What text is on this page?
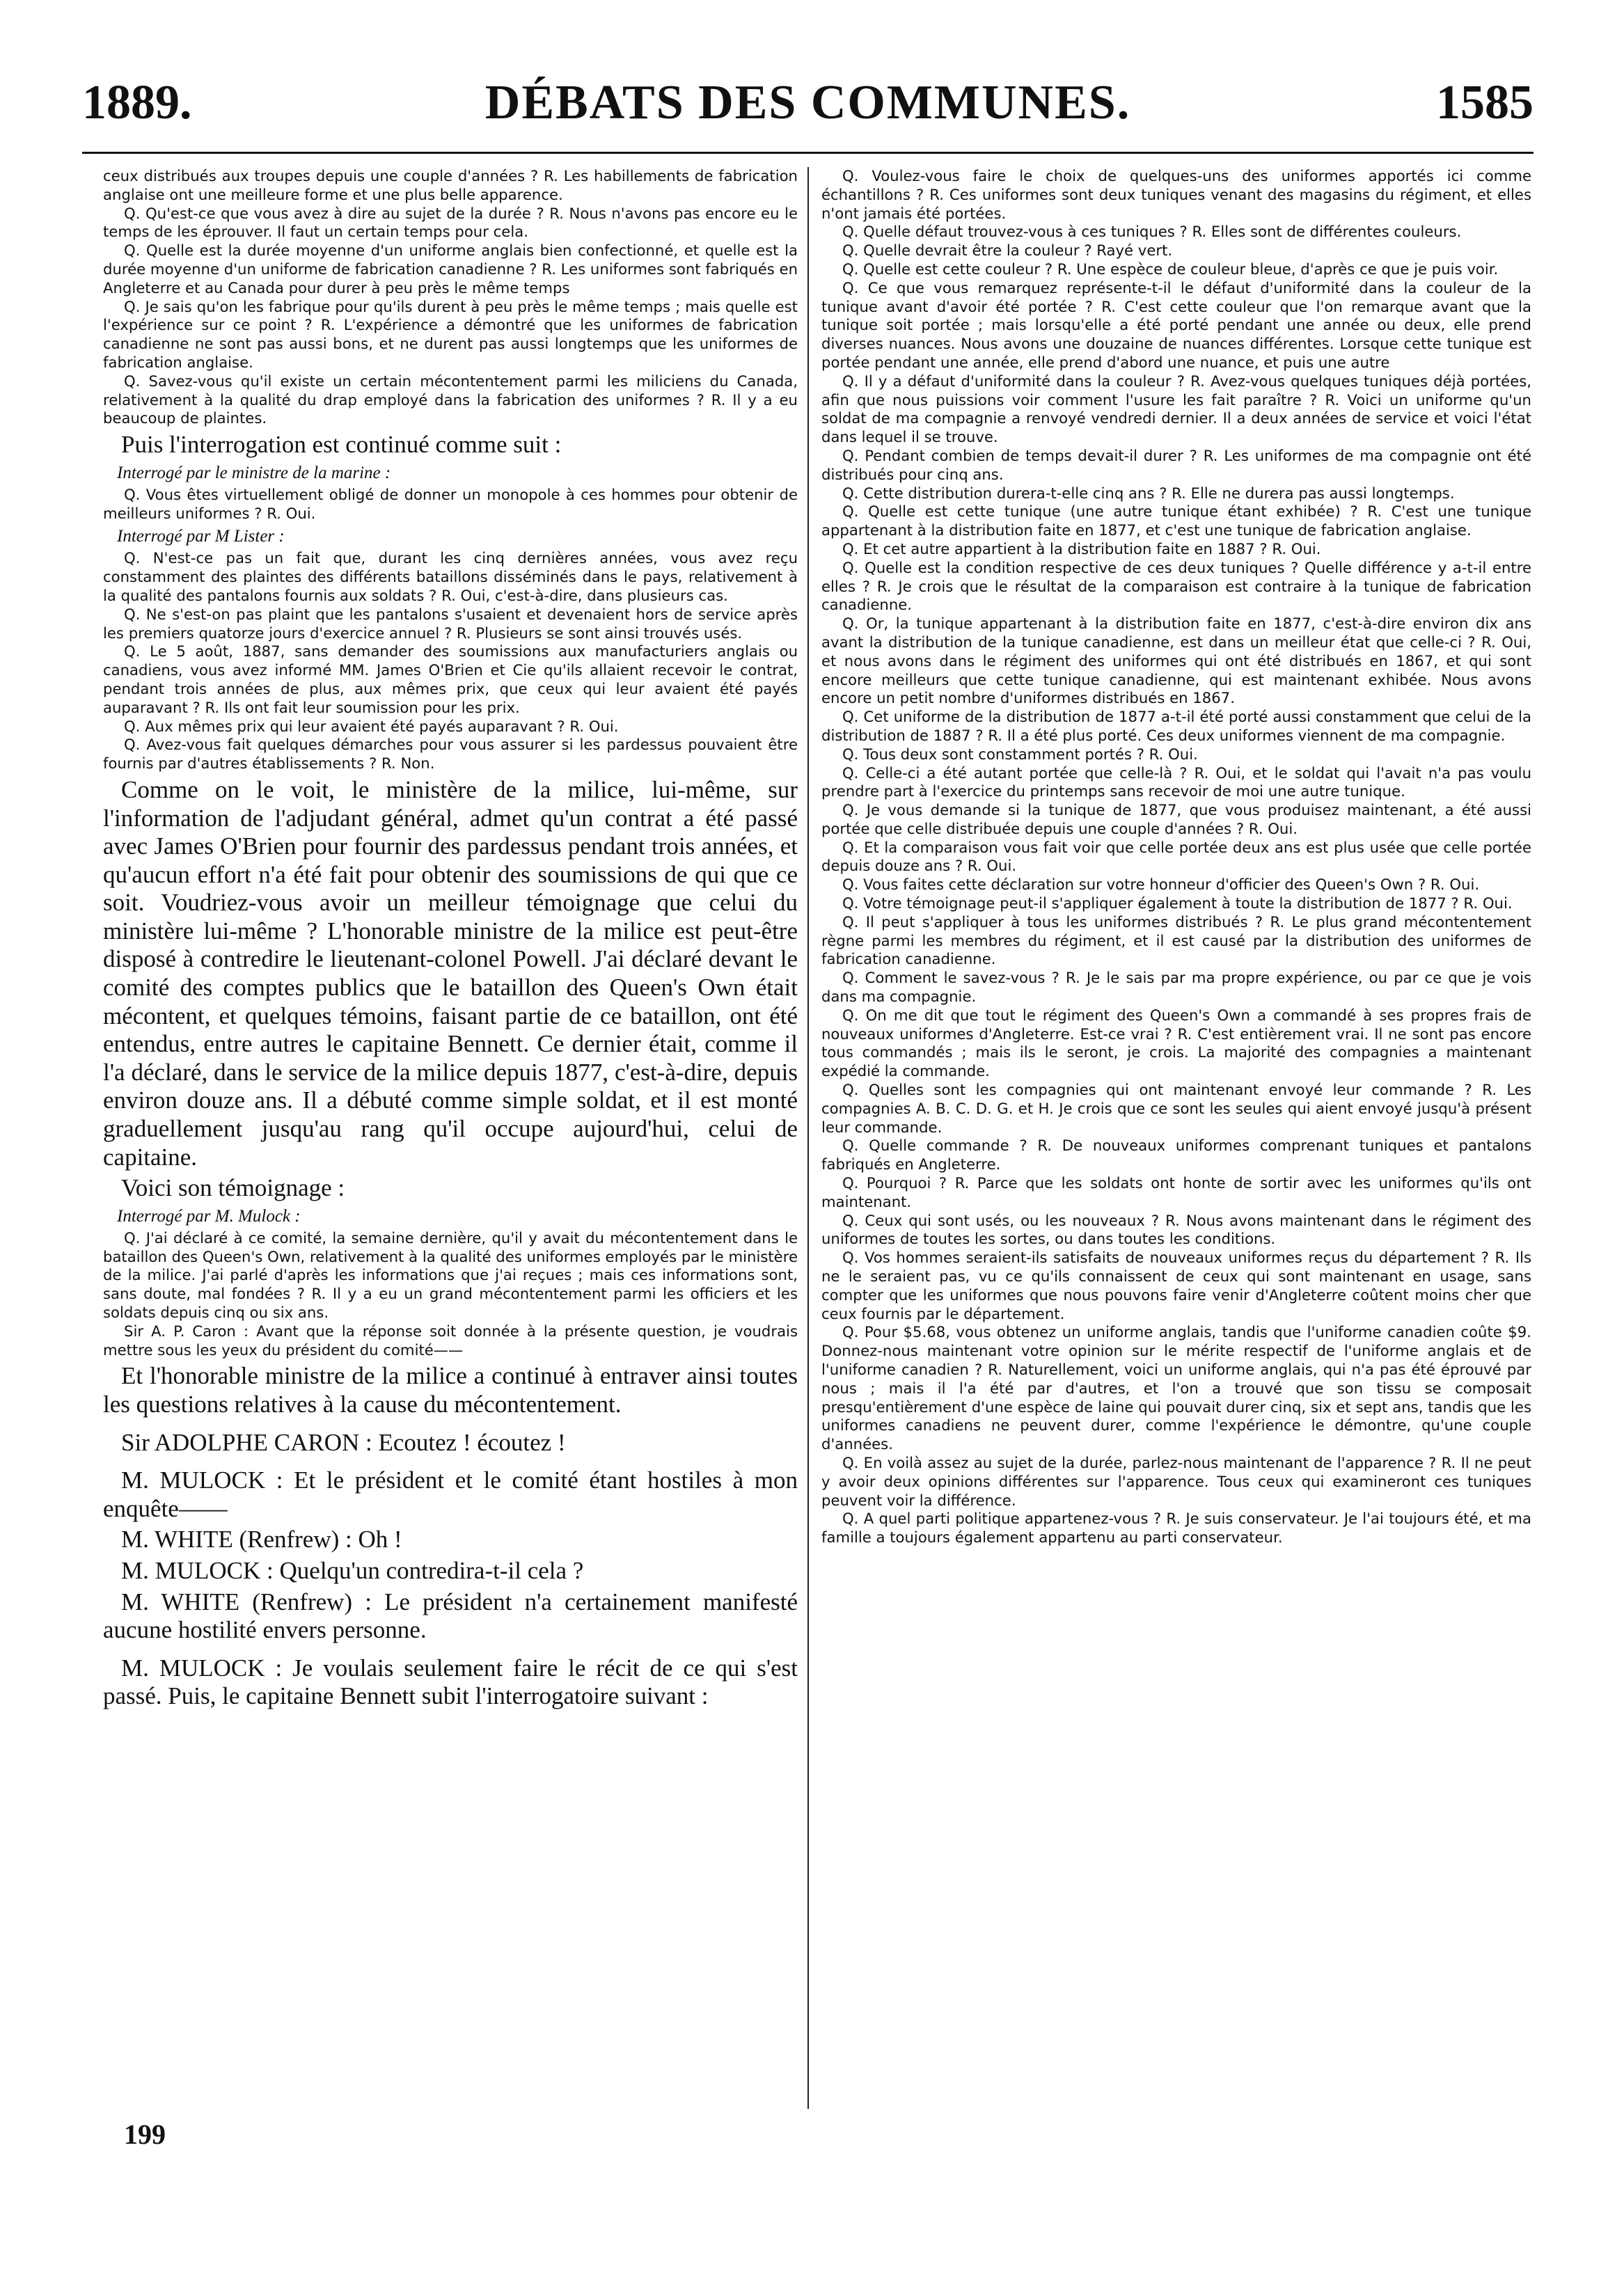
1889.	DÉBATS DES COMMUNES.	1585

ceux distribués aux troupes depuis une couple d'années ? R. Les habillements de fabrication anglaise ont une meilleure forme et une plus belle apparence.

Q. Qu'est-ce que vous avez à dire au sujet de la durée ? R. Nous n'avons pas encore eu le temps de les éprouver. Il faut un certain temps pour cela.

Q. Quelle est la durée moyenne d'un uniforme anglais bien confectionné, et quelle est la durée moyenne d'un uniforme de fabrication canadienne ? R. Les uniformes sont fabriqués en Angleterre et au Canada pour durer à peu près le même temps

Q. Je sais qu'on les fabrique pour qu'ils durent à peu près le même temps ; mais quelle est l'expérience sur ce point ? R. L'expérience a démontré que les uniformes de fabrication canadienne ne sont pas aussi bons, et ne durent pas aussi longtemps que les uniformes de fabrication anglaise.

Q. Savez-vous qu'il existe un certain mécontentement parmi les miliciens du Canada, relativement à la qualité du drap employé dans la fabrication des uniformes ? R. Il y a eu beaucoup de plaintes.

Puis l'interrogation est continué comme suit :

Interrogé par le ministre de la marine :

Q. Vous êtes virtuellement obligé de donner un monopole à ces hommes pour obtenir de meilleurs uniformes ? R. Oui.

Interrogé par M Lister :

Q. N'est-ce pas un fait que, durant les cinq dernières années, vous avez reçu constamment des plaintes des différents bataillons disséminés dans le pays, relativement à la qualité des pantalons fournis aux soldats ? R. Oui, c'est-à-dire, dans plusieurs cas.

Q. Ne s'est-on pas plaint que les pantalons s'usaient et devenaient hors de service après les premiers quatorze jours d'exercice annuel ? R. Plusieurs se sont ainsi trouvés usés.

Q. Le 5 août, 1887, sans demander des soumissions aux manufacturiers anglais ou canadiens, vous avez informé MM. James O'Brien et Cie qu'ils allaient recevoir le contrat, pendant trois années de plus, aux mêmes prix, que ceux qui leur avaient été payés auparavant ? R. Ils ont fait leur soumission pour les prix.

Q. Aux mêmes prix qui leur avaient été payés auparavant ? R. Oui.

Q. Avez-vous fait quelques démarches pour vous assurer si les pardessus pouvaient être fournis par d'autres établissements ? R. Non.

Comme on le voit, le ministère de la milice, lui-même, sur l'information de l'adjudant général, admet qu'un contrat a été passé avec James O'Brien pour fournir des pardessus pendant trois années, et qu'aucun effort n'a été fait pour obtenir des soumissions de qui que ce soit. Voudriez-vous avoir un meilleur témoignage que celui du ministère lui-même ? L'honorable ministre de la milice est peut-être disposé à contredire le lieutenant-colonel Powell. J'ai déclaré devant le comité des comptes publics que le bataillon des Queen's Own était mécontent, et quelques témoins, faisant partie de ce bataillon, ont été entendus, entre autres le capitaine Bennett. Ce dernier était, comme il l'a déclaré, dans le service de la milice depuis 1877, c'est-à-dire, depuis environ douze ans. Il a débuté comme simple soldat, et il est monté graduellement jusqu'au rang qu'il occupe aujourd'hui, celui de capitaine.

Voici son témoignage :

Interrogé par M. Mulock :

Q. J'ai déclaré à ce comité, la semaine dernière, qu'il y avait du mécontentement dans le bataillon des Queen's Own, relativement à la qualité des uniformes employés par le ministère de la milice. J'ai parlé d'après les informations que j'ai reçues ; mais ces informations sont, sans doute, mal fondées ? R. Il y a eu un grand mécontentement parmi les officiers et les soldats depuis cinq ou six ans.

Sir A. P. Caron : Avant que la réponse soit donnée à la présente question, je voudrais mettre sous les yeux du président du comité——

Et l'honorable ministre de la milice a continué à entraver ainsi toutes les questions relatives à la cause du mécontentement.

Sir ADOLPHE CARON : Ecoutez ! écoutez !

M. MULOCK : Et le président et le comité étant hostiles à mon enquête——

M. WHITE (Renfrew) : Oh !

M. MULOCK : Quelqu'un contredira-t-il cela ?

M. WHITE (Renfrew) : Le président n'a certainement manifesté aucune hostilité envers personne.

M. MULOCK : Je voulais seulement faire le récit de ce qui s'est passé. Puis, le capitaine Bennett subit l'interrogatoire suivant :

Q. Voulez-vous faire le choix de quelques-uns des uniformes apportés ici comme échantillons ? R. Ces uniformes sont deux tuniques venant des magasins du régiment, et elles n'ont jamais été portées.

Q. Quelle défaut trouvez-vous à ces tuniques ? R. Elles sont de différentes couleurs.

Q. Quelle devrait être la couleur ? Rayé vert.

Q. Quelle est cette couleur ? R. Une espèce de couleur bleue, d'après ce que je puis voir.

Q. Ce que vous remarquez représente-t-il le défaut d'uniformité dans la couleur de la tunique avant d'avoir été portée ? R. C'est cette couleur que l'on remarque avant que la tunique soit portée ; mais lorsqu'elle a été porté pendant une année ou deux, elle prend diverses nuances. Nous avons une douzaine de nuances différentes. Lorsque cette tunique est portée pendant une année, elle prend d'abord une nuance, et puis une autre

Q. Il y a défaut d'uniformité dans la couleur ? R. Avez-vous quelques tuniques déjà portées, afin que nous puissions voir comment l'usure les fait paraître ? R. Voici un uniforme qu'un soldat de ma compagnie a renvoyé vendredi dernier. Il a deux années de service et voici l'état dans lequel il se trouve.

Q. Pendant combien de temps devait-il durer ? R. Les uniformes de ma compagnie ont été distribués pour cinq ans.

Q. Cette distribution durera-t-elle cinq ans ? R. Elle ne durera pas aussi longtemps.

Q. Quelle est cette tunique (une autre tunique étant exhibée) ? R. C'est une tunique appartenant à la distribution faite en 1877, et c'est une tunique de fabrication anglaise.

Q. Et cet autre appartient à la distribution faite en 1887 ? R. Oui.

Q. Quelle est la condition respective de ces deux tuniques ? Quelle différence y a-t-il entre elles ? R. Je crois que le résultat de la comparaison est contraire à la tunique de fabrication canadienne.

Q. Or, la tunique appartenant à la distribution faite en 1877, c'est-à-dire environ dix ans avant la distribution de la tunique canadienne, est dans un meilleur état que celle-ci ? R. Oui, et nous avons dans le régiment des uniformes qui ont été distribués en 1867, et qui sont encore meilleurs que cette tunique canadienne, qui est maintenant exhibée. Nous avons encore un petit nombre d'uniformes distribués en 1867.

Q. Cet uniforme de la distribution de 1877 a-t-il été porté aussi constamment que celui de la distribution de 1887 ? R. Il a été plus porté. Ces deux uniformes viennent de ma compagnie.

Q. Tous deux sont constamment portés ? R. Oui.

Q. Celle-ci a été autant portée que celle-là ? R. Oui, et le soldat qui l'avait n'a pas voulu prendre part à l'exercice du printemps sans recevoir de moi une autre tunique.

Q. Je vous demande si la tunique de 1877, que vous produisez maintenant, a été aussi portée que celle distribuée depuis une couple d'années ? R. Oui.

Q. Et la comparaison vous fait voir que celle portée deux ans est plus usée que celle portée depuis douze ans ? R. Oui.

Q. Vous faites cette déclaration sur votre honneur d'officier des Queen's Own ? R. Oui.

Q. Votre témoignage peut-il s'appliquer également à toute la distribution de 1877 ? R. Oui.

Q. Il peut s'appliquer à tous les uniformes distribués ? R. Le plus grand mécontentement règne parmi les membres du régiment, et il est causé par la distribution des uniformes de fabrication canadienne.

Q. Comment le savez-vous ? R. Je le sais par ma propre expérience, ou par ce que je vois dans ma compagnie.

Q. On me dit que tout le régiment des Queen's Own a commandé à ses propres frais de nouveaux uniformes d'Angleterre. Est-ce vrai ? R. C'est entièrement vrai. Il ne sont pas encore tous commandés ; mais ils le seront, je crois. La majorité des compagnies a maintenant expédié la commande.

Q. Quelles sont les compagnies qui ont maintenant envoyé leur commande ? R. Les compagnies A. B. C. D. G. et H. Je crois que ce sont les seules qui aient envoyé jusqu'à présent leur commande.

Q. Quelle commande ? R. De nouveaux uniformes comprenant tuniques et pantalons fabriqués en Angleterre.

Q. Pourquoi ? R. Parce que les soldats ont honte de sortir avec les uniformes qu'ils ont maintenant.

Q. Ceux qui sont usés, ou les nouveaux ? R. Nous avons maintenant dans le régiment des uniformes de toutes les sortes, ou dans toutes les conditions.

Q. Vos hommes seraient-ils satisfaits de nouveaux uniformes reçus du département ? R. Ils ne le seraient pas, vu ce qu'ils connaissent de ceux qui sont maintenant en usage, sans compter que les uniformes que nous pouvons faire venir d'Angleterre coûtent moins cher que ceux fournis par le département.

Q. Pour $5.68, vous obtenez un uniforme anglais, tandis que l'uniforme canadien coûte $9. Donnez-nous maintenant votre opinion sur le mérite respectif de l'uniforme anglais et de l'uniforme canadien ? R. Naturellement, voici un uniforme anglais, qui n'a pas été éprouvé par nous ; mais il l'a été par d'autres, et l'on a trouvé que son tissu se composait presqu'entièrement d'une espèce de laine qui pouvait durer cinq, six et sept ans, tandis que les uniformes canadiens ne peuvent durer, comme l'expérience le démontre, qu'une couple d'années.

Q. En voilà assez au sujet de la durée, parlez-nous maintenant de l'apparence ? R. Il ne peut y avoir deux opinions différentes sur l'apparence. Tous ceux qui examineront ces tuniques peuvent voir la différence.

Q. A quel parti politique appartenez-vous ? R. Je suis conservateur. Je l'ai toujours été, et ma famille a toujours également appartenu au parti conservateur.

199
